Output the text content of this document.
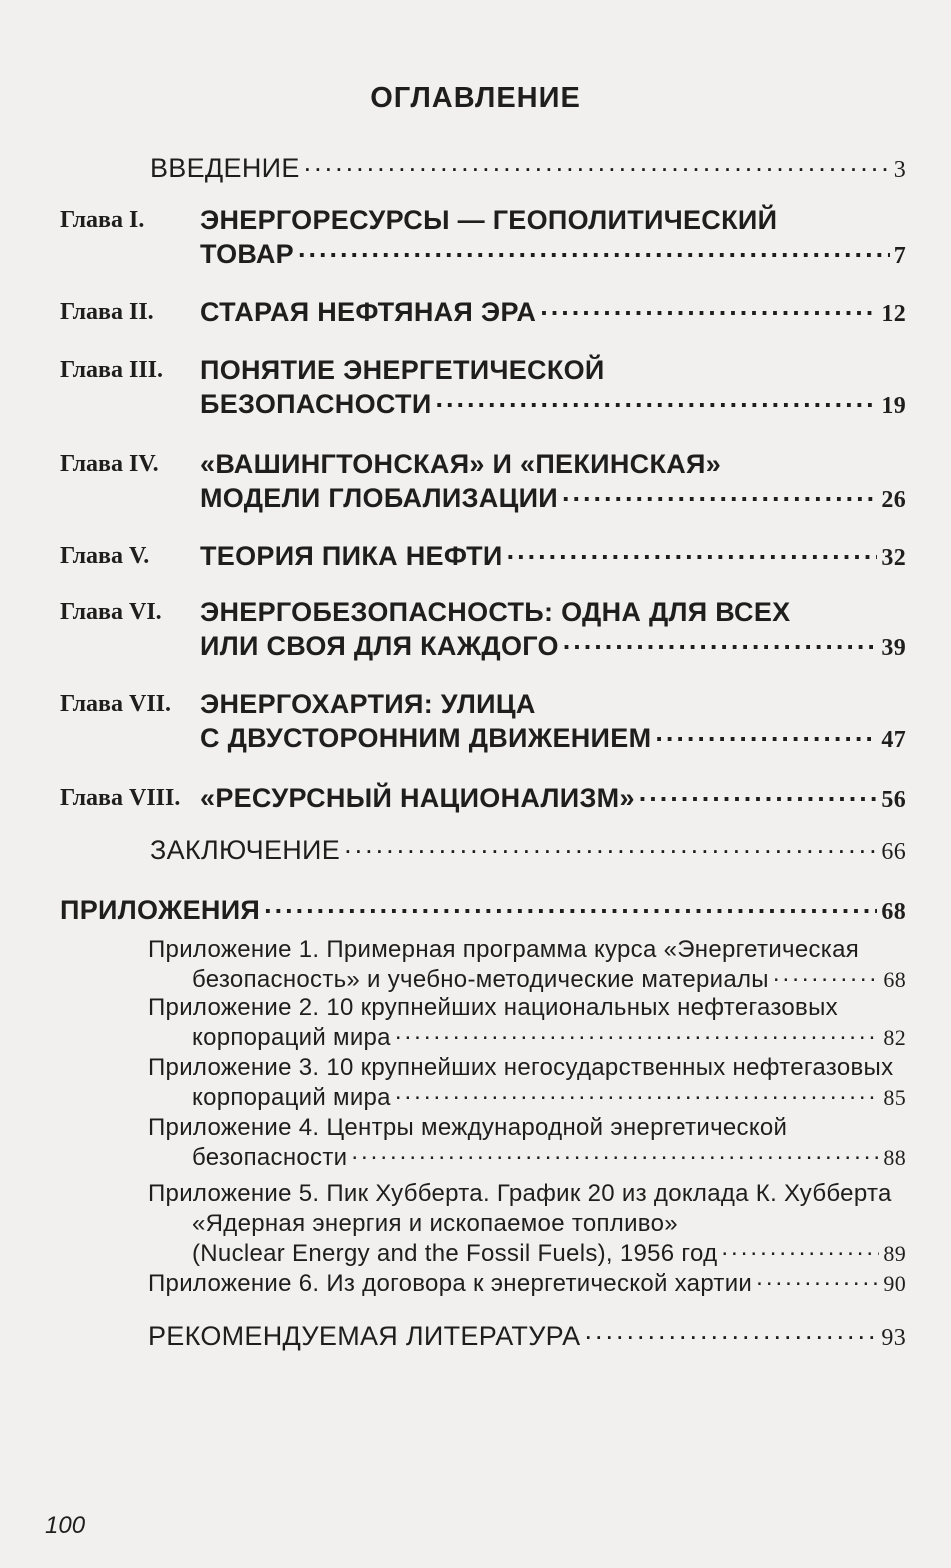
ОГЛАВЛЕНИЕ
ВВЕДЕНИЕ .....	3
Глава I. ЭНЕРГОРЕСУРСЫ — ГЕОПОЛИТИЧЕСКИЙ
ТОВАР .....	7
Глава II. СТАРАЯ НЕФТЯНАЯ ЭРА .....	12
Глава III. ПОНЯТИЕ ЭНЕРГЕТИЧЕСКОЙ
БЕЗОПАСНОСТИ .....	19
Глава IV. «ВАШИНГТОНСКАЯ» И «ПЕКИНСКАЯ»
МОДЕЛИ ГЛОБАЛИЗАЦИИ .....	26
Глава V. ТЕОРИЯ ПИКА НЕФТИ .....	32
Глава VI. ЭНЕРГОБЕЗОПАСНОСТЬ: ОДНА ДЛЯ ВСЕХ
ИЛИ СВОЯ ДЛЯ КАЖДОГО .....	39
Глава VII. ЭНЕРГОХАРТИЯ: УЛИЦА
С ДВУСТОРОННИМ ДВИЖЕНИЕМ .....	47
Глава VIII. «РЕСУРСНЫЙ НАЦИОНАЛИЗМ» .....	56
ЗАКЛЮЧЕНИЕ .....	66
ПРИЛОЖЕНИЯ .....	68
Приложение 1. Примерная программа курса «Энергетическая
безопасность» и учебно-методические материалы .....	68
Приложение 2. 10 крупнейших национальных нефтегазовых
корпораций мира .....	82
Приложение 3. 10 крупнейших негосударственных нефтегазовых
корпораций мира .....	85
Приложение 4. Центры международной энергетической
безопасности .....	88
Приложение 5. Пик Хубберта. График 20 из доклада К. Хубберта
«Ядерная энергия и ископаемое топливо»
(Nuclear Energy and the Fossil Fuels), 1956 год .....	89
Приложение 6. Из договора к энергетической хартии .....	90
РЕКОМЕНДУЕМАЯ ЛИТЕРАТУРА .....	93
100
